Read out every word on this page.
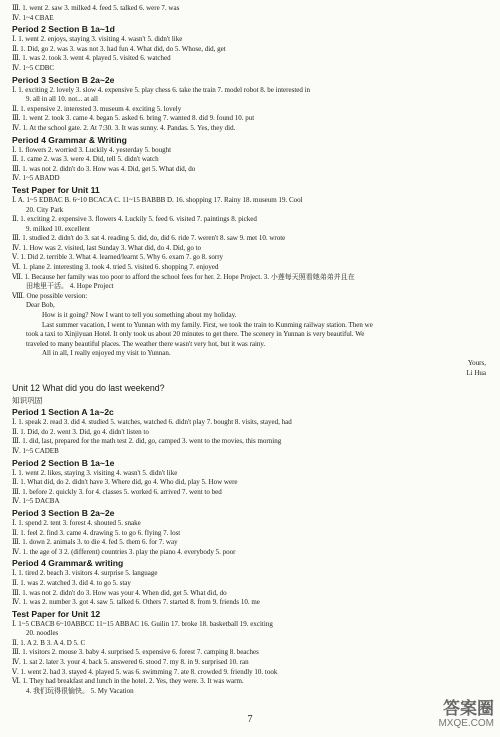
Ⅲ. 1. went 2. saw 3. milked 4. feed 5. talked 6. were 7. was
Ⅳ. 1~4 CBAE
Period 2 Section B 1a~1d
Ⅰ. 1. went 2. enjoys, staying 3. visiting 4. wasn't 5. didn't like
Ⅱ. 1. Did, go 2. was 3. was not 3. had fun 4. What did, do 5. Whose, did, get
Ⅲ. 1. was 2. took 3. went 4. played 5. visited 6. watched
Ⅳ. 1~5 CDBC
Period 3 Section B 2a~2e
Ⅰ. 1. exciting 2. lovely 3. slow 4. expensive 5. play chess 6. take the train 7. model robot 8. be interested in
9. all in all 10. not... at all
Ⅱ. 1. expensive 2. interested 3. museum 4. exciting 5. lovely
Ⅲ. 1. went 2. took 3. came 4. began 5. asked 6. bring 7. wanted 8. did 9. found 10. put
Ⅳ. 1. At the school gate. 2. At 7:30. 3. It was sunny. 4. Pandas. 5. Yes, they did.
Period 4 Grammar & Writing
Ⅰ. 1. flowers 2. worried 3. Luckily 4. yesterday 5. bought
Ⅱ. 1. came 2. was 3. were 4. Did, tell 5. didn't watch
Ⅲ. 1. was not 2. didn't do 3. How was 4. Did, get 5. What did, do
Ⅳ. 1~5 ABADD
Test Paper for Unit 11
Ⅰ. A. 1~5 EDBAC B. 6~10 BCACA C. 11~15 BABBB D. 16. shopping 17. Rainy 18. museum 19. Cool
20. City Park
Ⅱ. 1. exciting 2. expensive 3. flowers 4. Luckily 5. feed 6. visited 7. paintings 8. picked
9. milked 10. excellent
Ⅲ. 1. studied 2. didn't do 3. sat 4. reading 5. did, do, did 6. ride 7. weren't 8. saw 9. met 10. wrote
Ⅳ. 1. How was 2. visited, last Sunday 3. What did, do 4. Did, go to
Ⅴ. 1. Did 2. terrible 3. What 4. learned/learnt 5. Why 6. exam 7. go 8. sorry
Ⅵ. 1. plane 2. interesting 3. took 4. tried 5. visited 6. shopping 7. enjoyed
Ⅶ. 1. Because her family was too poor to afford the school fees for her. 2. Hope Project. 3. 小莲每天照看她弟弟并且在
田地里干活。 4. Hope Project
Ⅷ. One possible version:
Dear Bob,
How is it going? Now I want to tell you something about my holiday.
Last summer vacation, I went to Yunnan with my family. First, we took the train to Kunming railway station. Then we
took a taxi to Xinjiyuan Hotel. It only took us about 20 minutes to get there. The scenery in Yunnan is very beautiful. We
traveled to many beautiful places. The weather there wasn't very hot, but it was rainy.
All in all, I really enjoyed my visit to Yunnan.
Yours,
Li Hua
Unit 12 What did you do last weekend?
知识巩固
Period 1 Section A 1a~2c
Ⅰ. 1. speak 2. read 3. did 4. studied 5. watches, watched 6. didn't play 7. bought 8. visits, stayed, had
Ⅱ. 1. Did, do 2. went 3. Did, go 4. didn't listen to
Ⅲ. 1. did, last, prepared for the math test 2. did, go, camped 3. went to the movies, this morning
Ⅳ. 1~5 CADEB
Period 2 Section B 1a~1e
Ⅰ. 1. went 2. likes, staying 3. visiting 4. wasn't 5. didn't like
Ⅱ. 1. What did, do 2. didn't have 3. Where did, go 4. Who did, play 5. How were
Ⅲ. 1. before 2. quickly 3. for 4. classes 5. worked 6. arrived 7. went to bed
Ⅳ. 1~5 DACBA
Period 3 Section B 2a~2e
Ⅰ. 1. spend 2. tent 3. forest 4. shouted 5. snake
Ⅱ. 1. feel 2. find 3. came 4. drawing 5. to go 6. flying 7. lost
Ⅲ. 1. down 2. animals 3. to die 4. fed 5. them 6. for 7. way
Ⅳ. 1. the age of 3 2. (different) countries 3. play the piano 4. everybody 5. poor
Period 4 Grammar& writing
Ⅰ. 1. tired 2. beach 3. visitors 4. surprise 5. language
Ⅱ. 1. was 2. watched 3. did 4. to go 5. stay
Ⅲ. 1. was not 2. didn't do 3. How was your 4. When did, get 5. What did, do
Ⅳ. 1. was 2. number 3. got 4. saw 5. talked 6. Others 7. started 8. from 9. friends 10. me
Test Paper for Unit 12
Ⅰ. 1~5 CBACB 6~10ABBCC 11~15 ABBAC 16. Guilin 17. broke 18. basketball 19. exciting
20. noodles
Ⅱ. 1. A 2. B 3. A 4. D 5. C
Ⅲ. 1. visitors 2. mouse 3. baby 4. surprised 5. expensive 6. forest 7. camping 8. beaches
Ⅳ. 1. sat 2. later 3. your 4. back 5. answered 6. stood 7. my 8. in 9. surprised 10. ran
Ⅴ. 1. went 2. had 3. stayed 4. played 5. was 6. swimming 7. ate 8. crowded 9. friendly 10. took
Ⅵ. 1. They had breakfast and lunch in the hotel. 2. Yes, they were. 3. It was warm.
4. 我们玩得很愉快。 5. My Vacation
7
答案圈
MXQE.COM
